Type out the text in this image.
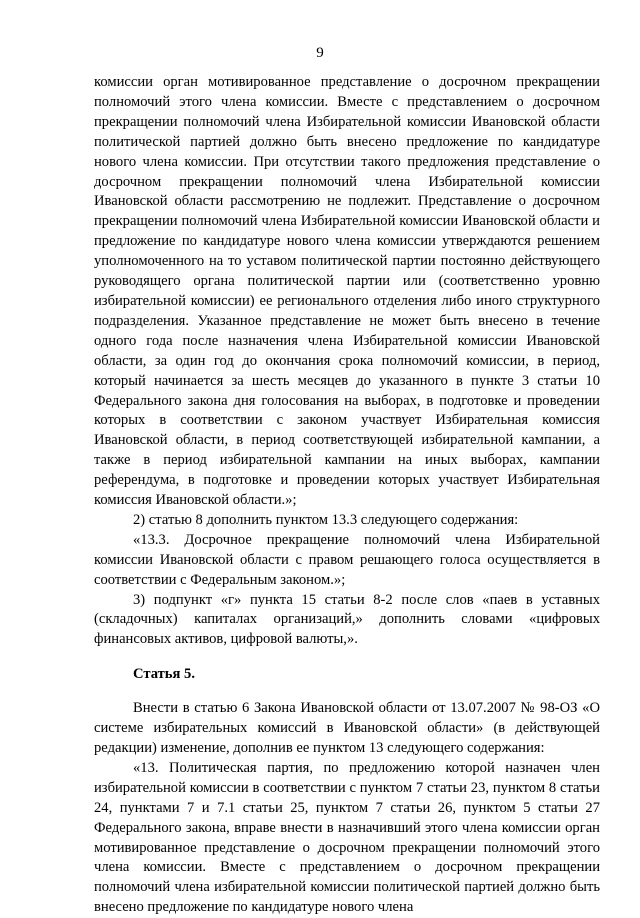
9

комиссии орган мотивированное представление о досрочном прекращении полномочий этого члена комиссии. Вместе с представлением о досрочном прекращении полномочий члена Избирательной комиссии Ивановской области политической партией должно быть внесено предложение по кандидатуре нового члена комиссии. При отсутствии такого предложения представление о досрочном прекращении полномочий члена Избирательной комиссии Ивановской области рассмотрению не подлежит. Представление о досрочном прекращении полномочий члена Избирательной комиссии Ивановской области и предложение по кандидатуре нового члена комиссии утверждаются решением уполномоченного на то уставом политической партии постоянно действующего руководящего органа политической партии или (соответственно уровню избирательной комиссии) ее регионального отделения либо иного структурного подразделения. Указанное представление не может быть внесено в течение одного года после назначения члена Избирательной комиссии Ивановской области, за один год до окончания срока полномочий комиссии, в период, который начинается за шесть месяцев до указанного в пункте 3 статьи 10 Федерального закона дня голосования на выборах, в подготовке и проведении которых в соответствии с законом участвует Избирательная комиссия Ивановской области, в период соответствующей избирательной кампании, а также в период избирательной кампании на иных выборах, кампании референдума, в подготовке и проведении которых участвует Избирательная комиссия Ивановской области.»;

2) статью 8 дополнить пунктом 13.3 следующего содержания:

«13.3. Досрочное прекращение полномочий члена Избирательной комиссии Ивановской области с правом решающего голоса осуществляется в соответствии с Федеральным законом.»;

3) подпункт «г» пункта 15 статьи 8-2 после слов «паев в уставных (складочных) капиталах организаций,» дополнить словами «цифровых финансовых активов, цифровой валюты,».

Статья 5.

Внести в статью 6 Закона Ивановской области от 13.07.2007 № 98-ОЗ «О системе избирательных комиссий в Ивановской области» (в действующей редакции) изменение, дополнив ее пунктом 13 следующего содержания:

«13. Политическая партия, по предложению которой назначен член избирательной комиссии в соответствии с пунктом 7 статьи 23, пунктом 8 статьи 24, пунктами 7 и 7.1 статьи 25, пунктом 7 статьи 26, пунктом 5 статьи 27 Федерального закона, вправе внести в назначивший этого члена комиссии орган мотивированное представление о досрочном прекращении полномочий этого члена комиссии. Вместе с представлением о досрочном прекращении полномочий члена избирательной комиссии политической партией должно быть внесено предложение по кандидатуре нового члена
